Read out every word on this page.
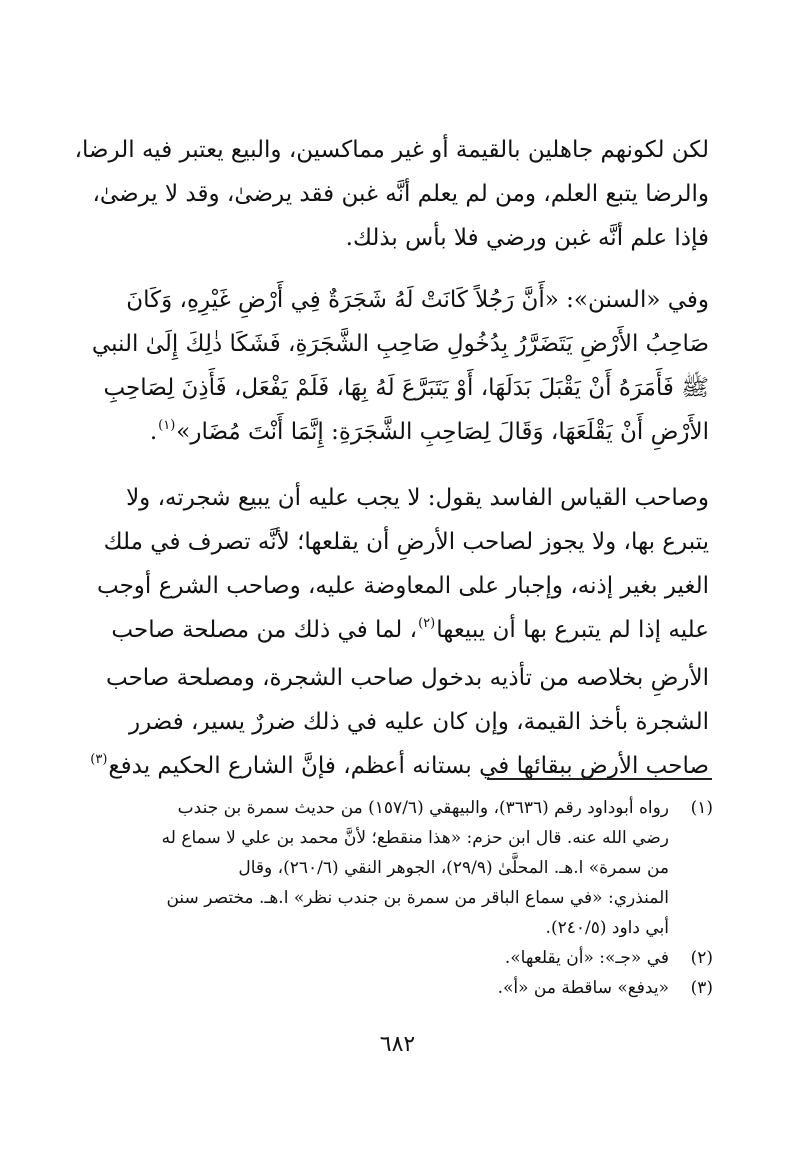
لكن لكونهم جاهلين بالقيمة أو غير مماكسين، والبيع يعتبر فيه الرضا،
والرضا يتبع العلم، ومن لم يعلم أنَّه غبن فقد يرضىٰ، وقد لا يرضىٰ،
فإذا علم أنَّه غبن ورضي فلا بأس بذلك.
وفي «السنن»: «أَنَّ رَجُلاً كَانَتْ لَهُ شَجَرَةٌ فِي أَرْضِ غَيْرِهِ، وَكَانَ
صَاحِبُ الأَرْضِ يَتَضَرَّرُ بِدُخُولِ صَاحِبِ الشَّجَرَةِ، فَشَكَا ذٰلِكَ إِلَىٰ النبي
ﷺ فَأَمَرَهُ أَنْ يَقْبَلَ بَدَلَهَا، أَوْ يَتَبَرَّعَ لَهُ بِهَا، فَلَمْ يَفْعَل، فَأَذِنَ لِصَاحِبِ
الأَرْضِ أَنْ يَقْلَعَهَا، وَقَالَ لِصَاحِبِ الشَّجَرَةِ: إِنَّمَا أَنْتَ مُضَار»$^{(١)}$.
وصاحب القياس الفاسد يقول: لا يجب عليه أن يبيع شجرته، ولا
يتبرع بها، ولا يجوز لصاحب الأرضِ أن يقلعها؛ لأنَّه تصرف في ملك
الغير بغير إذنه، وإجبار على المعاوضة عليه، وصاحب الشرع أوجب
عليه إذا لم يتبرع بها أن يبيعها$^{(٢)}$، لما في ذلك من مصلحة صاحب
الأرضِ بخلاصه من تأذيه بدخول صاحب الشجرة، ومصلحة صاحب
الشجرة بأخذ القيمة، وإن كان عليه في ذلك ضررٌ يسير، فضرر
صاحب الأرض ببقائها في بستانه أعظم، فإنَّ الشارع الحكيم يدفع$^{(٣)}$
(١)
رواه أبوداود رقم (٣٦٣٦)، والبيهقي (١٥٧/٦) من حديث سمرة بن جندب
رضي الله عنه. قال ابن حزم: «هذا منقطع؛ لأنَّ محمد بن علي لا سماع له
من سمرة» ا.هـ. المحلَّىٰ (٢٩/٩)، الجوهر النقي (٢٦٠/٦)، وقال
المنذري: «في سماع الباقر من سمرة بن جندب نظر» ا.هـ. مختصر سنن
أبي داود (٢٤٠/٥).
(٢)
في «جـ»: «أن يقلعها».
(٣)
«يدفع» ساقطة من «أ».
٦٨٢
